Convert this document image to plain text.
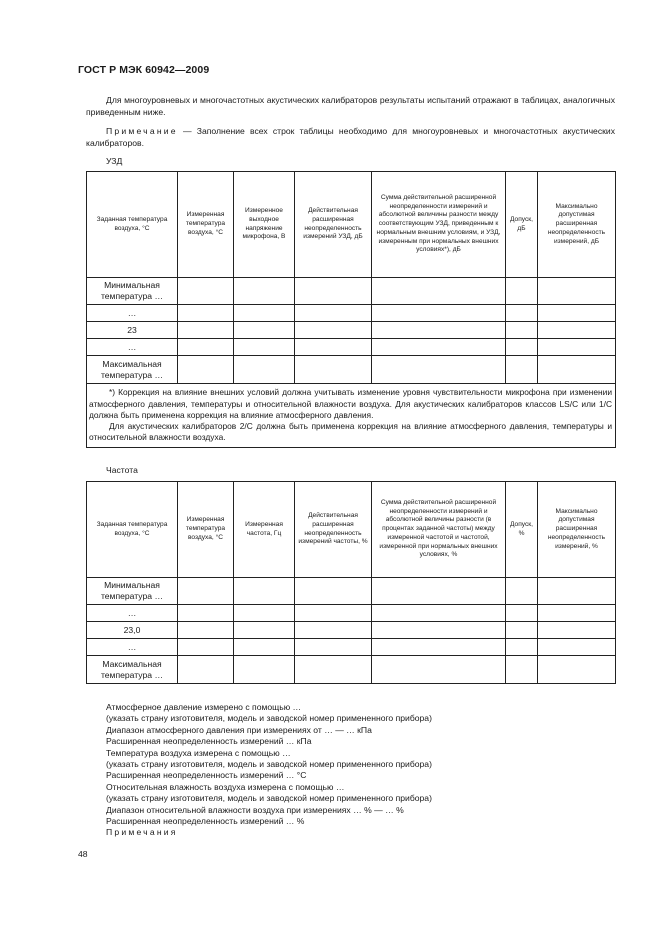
ГОСТ Р МЭК 60942—2009
Для многоуровневых и многочастотных акустических калибраторов результаты испытаний отражают в таблицах, аналогичных приведенным ниже.
Примечание — Заполнение всех строк таблицы необходимо для многоуровневых и многочастотных акустических калибраторов.
УЗД
Заданная температура воздуха, °С	Измеренная температура воздуха, °С	Измеренное выходное напряжение микрофона, В	Действительная расширенная неопределенность измерений УЗД, дБ	Сумма действительной расширенной неопределенности измерений и абсолютной величины разности между соответствующим УЗД, приведенным к нормальным внешним условиям, и УЗД, измеренным при нормальных внешних условиях*), дБ	Допуск, дБ	Максимально допустимая расширенная неопределенность измерений, дБ
Минимальная температура …						
…						
23						
…						
Максимальная температура …						

*) Коррекция на влияние внешних условий должна учитывать изменение уровня чувствительности микрофона при изменении атмосферного давления, температуры и относительной влажности воздуха. Для акустических калибраторов классов LS/C или 1/C должна быть применена коррекция на влияние атмосферного давления.
Для акустических калибраторов 2/С должна быть применена коррекция на влияние атмосферного давления, температуры и относительной влажности воздуха.						
Частота
Заданная температура воздуха, °С	Измеренная температура воздуха, °С	Измеренная частота, Гц	Действительная расширенная неопределенность измерений частоты, %	Сумма действительной расширенной неопределенности измерений и абсолютной величины разности (в процентах заданной частоты) между измеренной частотой и частотой, измеренной при нормальных внешних условиях, %	Допуск, %	Максимально допустимая расширенная неопределенность измерений, %
Минимальная температура …						
…						
23,0						
…						
Максимальная температура …						
Атмосферное давление измерено с помощью …
(указать страну изготовителя, модель и заводской номер примененного прибора)
Диапазон атмосферного давления при измерениях от … — … кПа
Расширенная неопределенность измерений … кПа
Температура воздуха измерена с помощью …
(указать страну изготовителя, модель и заводской номер примененного прибора)
Расширенная неопределенность измерений … °С
Относительная влажность воздуха измерена с помощью …
(указать страну изготовителя, модель и заводской номер примененного прибора)
Диапазон относительной влажности воздуха при измерениях … % — … %
Расширенная неопределенность измерений … %
Примечания
48
